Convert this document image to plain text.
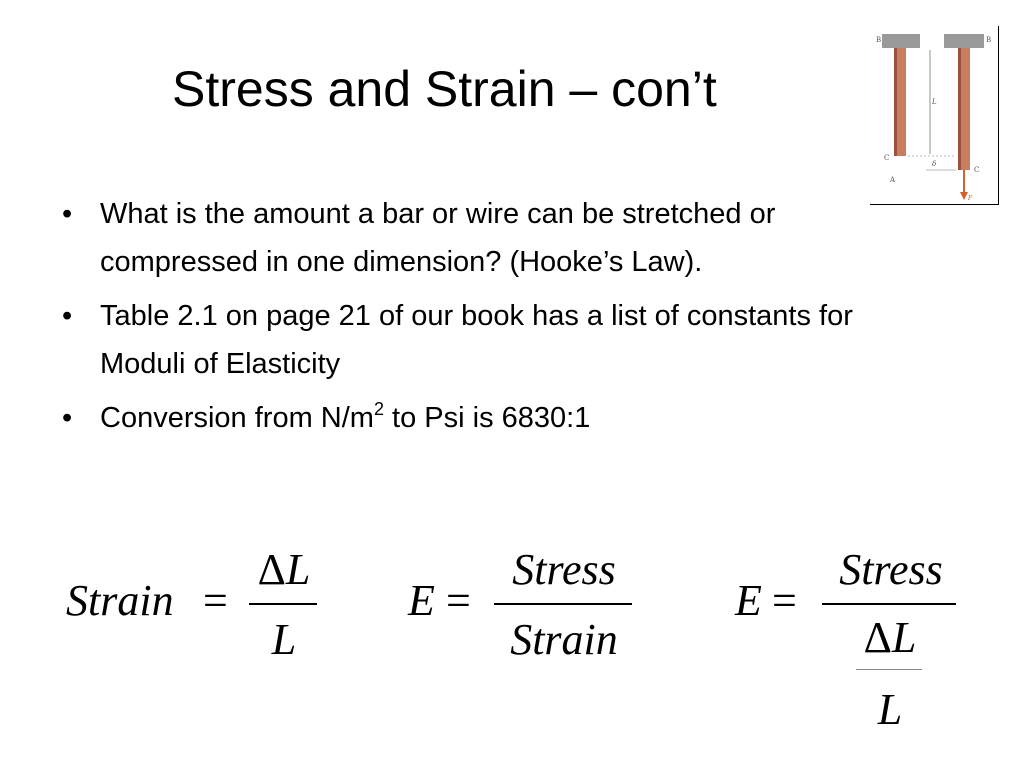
Stress and Strain – con’t
B	B
L
C
δ
A
C
F
• What is the amount a bar or wire can be stretched or compressed in one dimension? (Hooke’s Law).
• Table 2.1 on page 21 of our book has a list of constants for Moduli of Elasticity
• Conversion from $N/m^2$ to Psi is 6830:1
Strain =
ΔL
L
E =
Stress
Strain
E =
Stress
ΔL
L
